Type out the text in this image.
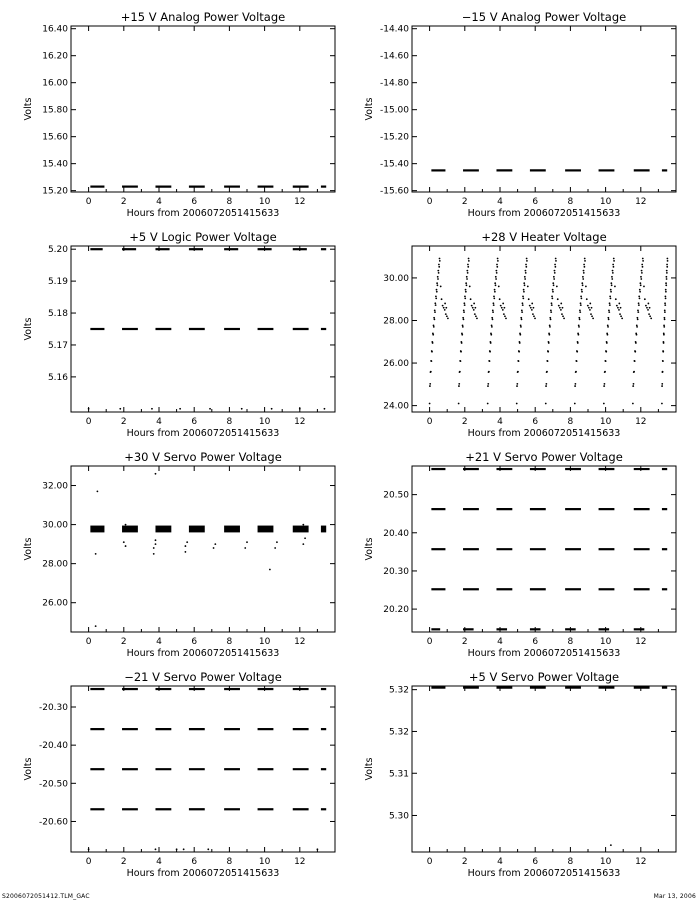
+15 V Analog Power Voltage
0	2	4	6	8	10	12
15.20
15.40
15.60
15.80
16.00
16.20
16.40
Hours from 2006072051415633
Volts
−15 V Analog Power Voltage
0	2	4	6	8	10	12
-15.60
-15.40
-15.20
-15.00
-14.80
-14.60
-14.40
Hours from 2006072051415633
Volts
+5 V Logic Power Voltage
0	2	4	6	8	10	12
5.16
5.17
5.18
5.19
5.20
Hours from 2006072051415633
Volts
+28 V Heater Voltage
0	2	4	6	8	10	12
24.00
26.00
28.00
30.00
Hours from 2006072051415633
+30 V Servo Power Voltage
0	2	4	6	8	10	12
26.00
28.00
30.00
32.00
Hours from 2006072051415633
Volts
+21 V Servo Power Voltage
0	2	4	6	8	10	12
20.20
20.30
20.40
20.50
Hours from 2006072051415633
Volts
−21 V Servo Power Voltage
0	2	4	6	8	10	12
-20.60
-20.50
-20.40
-20.30
Hours from 2006072051415633
Volts
+5 V Servo Power Voltage
0	2	4	6	8	10	12
5.30
5.31
5.32
5.32
Hours from 2006072051415633
Volts
S2006072051412.TLM_GAC	Mar 13, 2006
